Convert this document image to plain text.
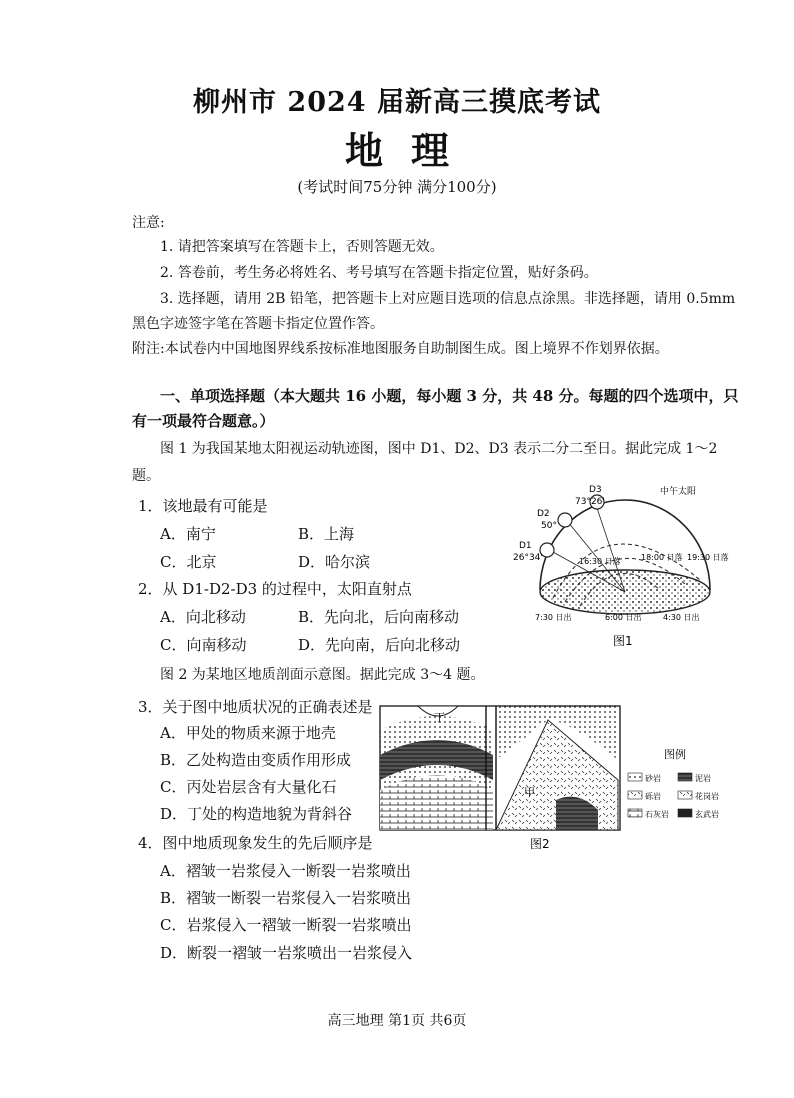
柳州市 2024 届新高三摸底考试
地理
(考试时间75分钟 满分100分)
注意:
1. 请把答案填写在答题卡上，否则答题无效。
2. 答卷前，考生务必将姓名、考号填写在答题卡指定位置，贴好条码。
3. 选择题，请用 2B 铅笔，把答题卡上对应题目选项的信息点涂黑。非选择题，请用 0.5mm
黑色字迹签字笔在答题卡指定位置作答。
附注:本试卷内中国地图界线系按标准地图服务自助制图生成。图上境界不作划界依据。
一、单项选择题（本大题共 16 小题，每小题 3 分，共 48 分。每题的四个选项中，只
有一项最符合题意。）
图 1 为我国某地太阳视运动轨迹图，图中 D1、D2、D3 表示二分二至日。据此完成 1～2
题。
1．该地最有可能是
A．南宁	B．上海
C．北京	D．哈尔滨
2．从 D1-D2-D3 的过程中，太阳直射点
A．向北移动	B．先向北，后向南移动
C．向南移动	D．先向南，后向北移动
图 2 为某地区地质剖面示意图。据此完成 3～4 题。
3．关于图中地质状况的正确表述是
A．甲处的物质来源于地壳
B．乙处构造由变质作用形成
C．丙处岩层含有大量化石
D．丁处的构造地貌为背斜谷
4．图中地质现象发生的先后顺序是
A．褶皱一岩浆侵入一断裂一岩浆喷出
B．褶皱一断裂一岩浆侵入一岩浆喷出
C．岩浆侵入一褶皱一断裂一岩浆喷出
D．断裂一褶皱一岩浆喷出一岩浆侵入
中午太阳
D3
73°26'
D2
50°
D1
26°34'	16:30 日落	18:00 日落 19:30 日落
7:30 日出	6:00 日出	4:30 日出
图1
丁
甲
图例
砂岩	泥岩
砾岩	花岗岩
石灰岩	玄武岩
图2
高三地理 第1页 共6页
